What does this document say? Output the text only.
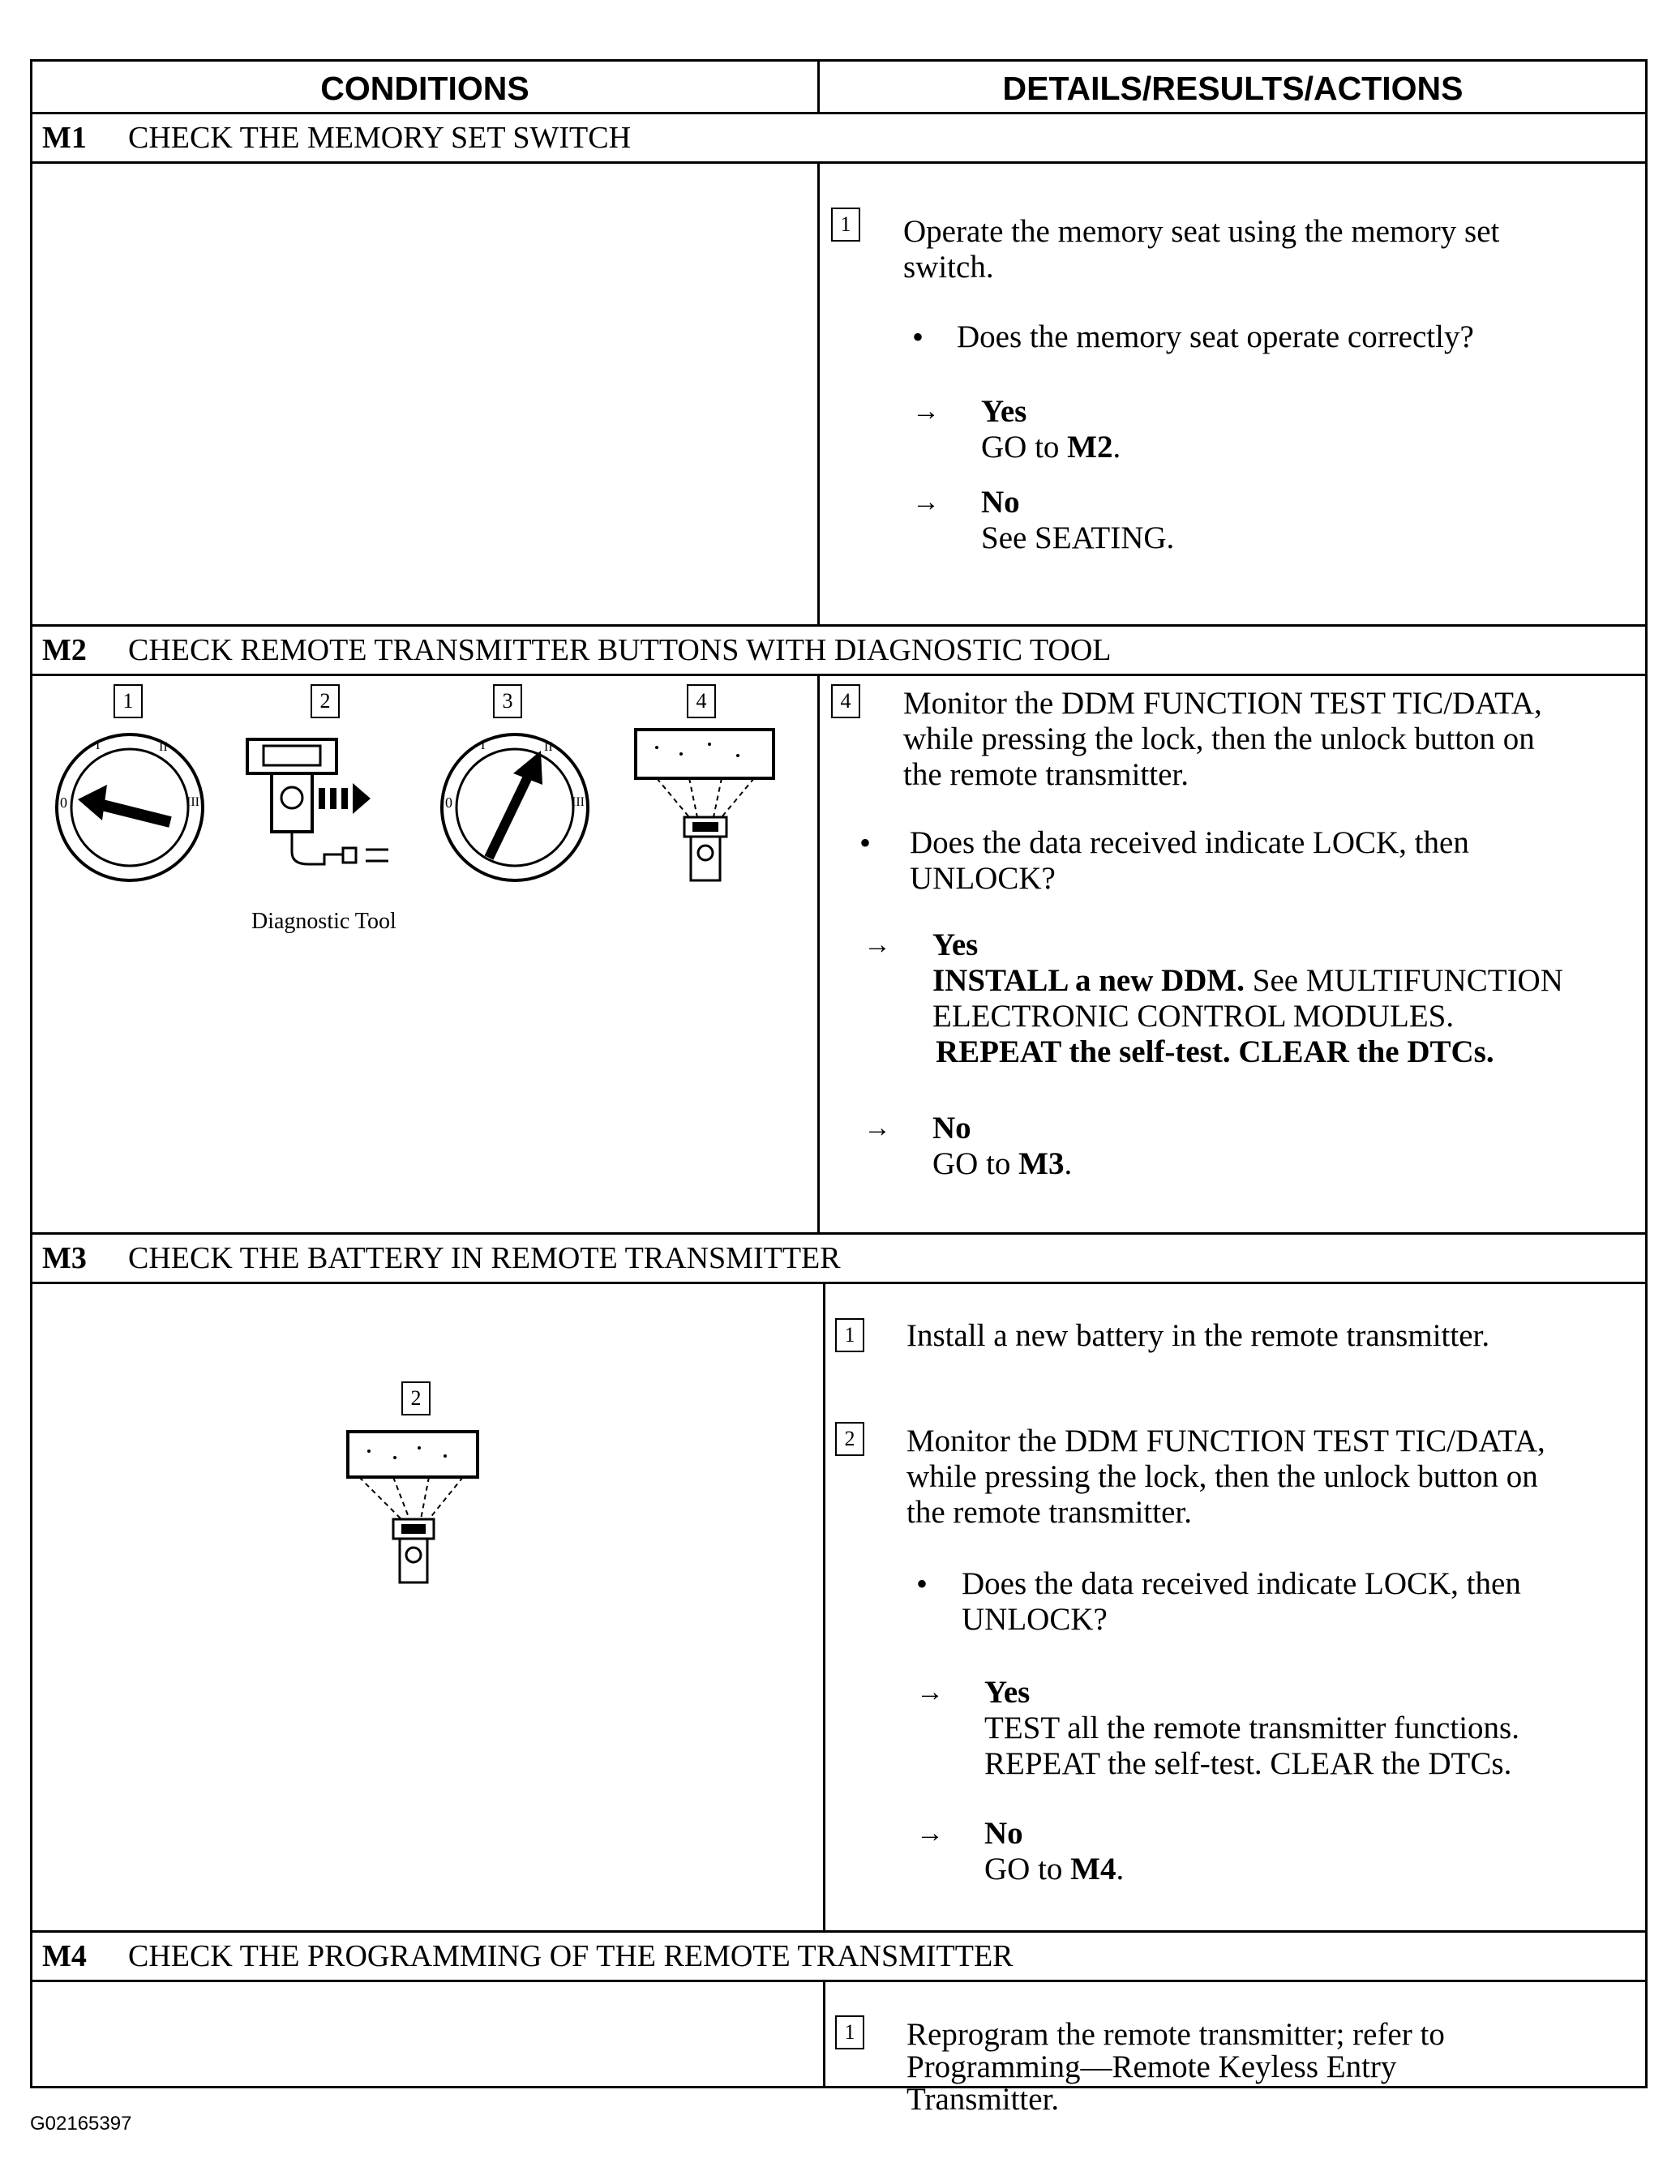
CONDITIONS	DETAILS/RESULTS/ACTIONS
M1 CHECK THE MEMORY SET SWITCH
1 Operate the memory seat using the memory set
switch.
• Does the memory seat operate correctly?
→ Yes
GO to M2.
→ No
See SEATING.
M2 CHECK REMOTE TRANSMITTER BUTTONS WITH DIAGNOSTIC TOOL
1	2	3	4
0
I	II
III
Diagnostic Tool
0
I	II
III
4 Monitor the DDM FUNCTION TEST TIC/DATA,
while pressing the lock, then the unlock button on
the remote transmitter.
• Does the data received indicate LOCK, then
UNLOCK?
→ Yes
INSTALL a new DDM. See MULTIFUNCTION
ELECTRONIC CONTROL MODULES.
REPEAT the self-test. CLEAR the DTCs.
→ No
GO to M3.
M3 CHECK THE BATTERY IN REMOTE TRANSMITTER
2
1 Install a new battery in the remote transmitter.
2 Monitor the DDM FUNCTION TEST TIC/DATA,
while pressing the lock, then the unlock button on
the remote transmitter.
• Does the data received indicate LOCK, then
UNLOCK?
→ Yes
TEST all the remote transmitter functions.
REPEAT the self-test. CLEAR the DTCs.
→ No
GO to M4.
M4 CHECK THE PROGRAMMING OF THE REMOTE TRANSMITTER
1 Reprogram the remote transmitter; refer to
Programming—Remote Keyless Entry
Transmitter.
G02165397
